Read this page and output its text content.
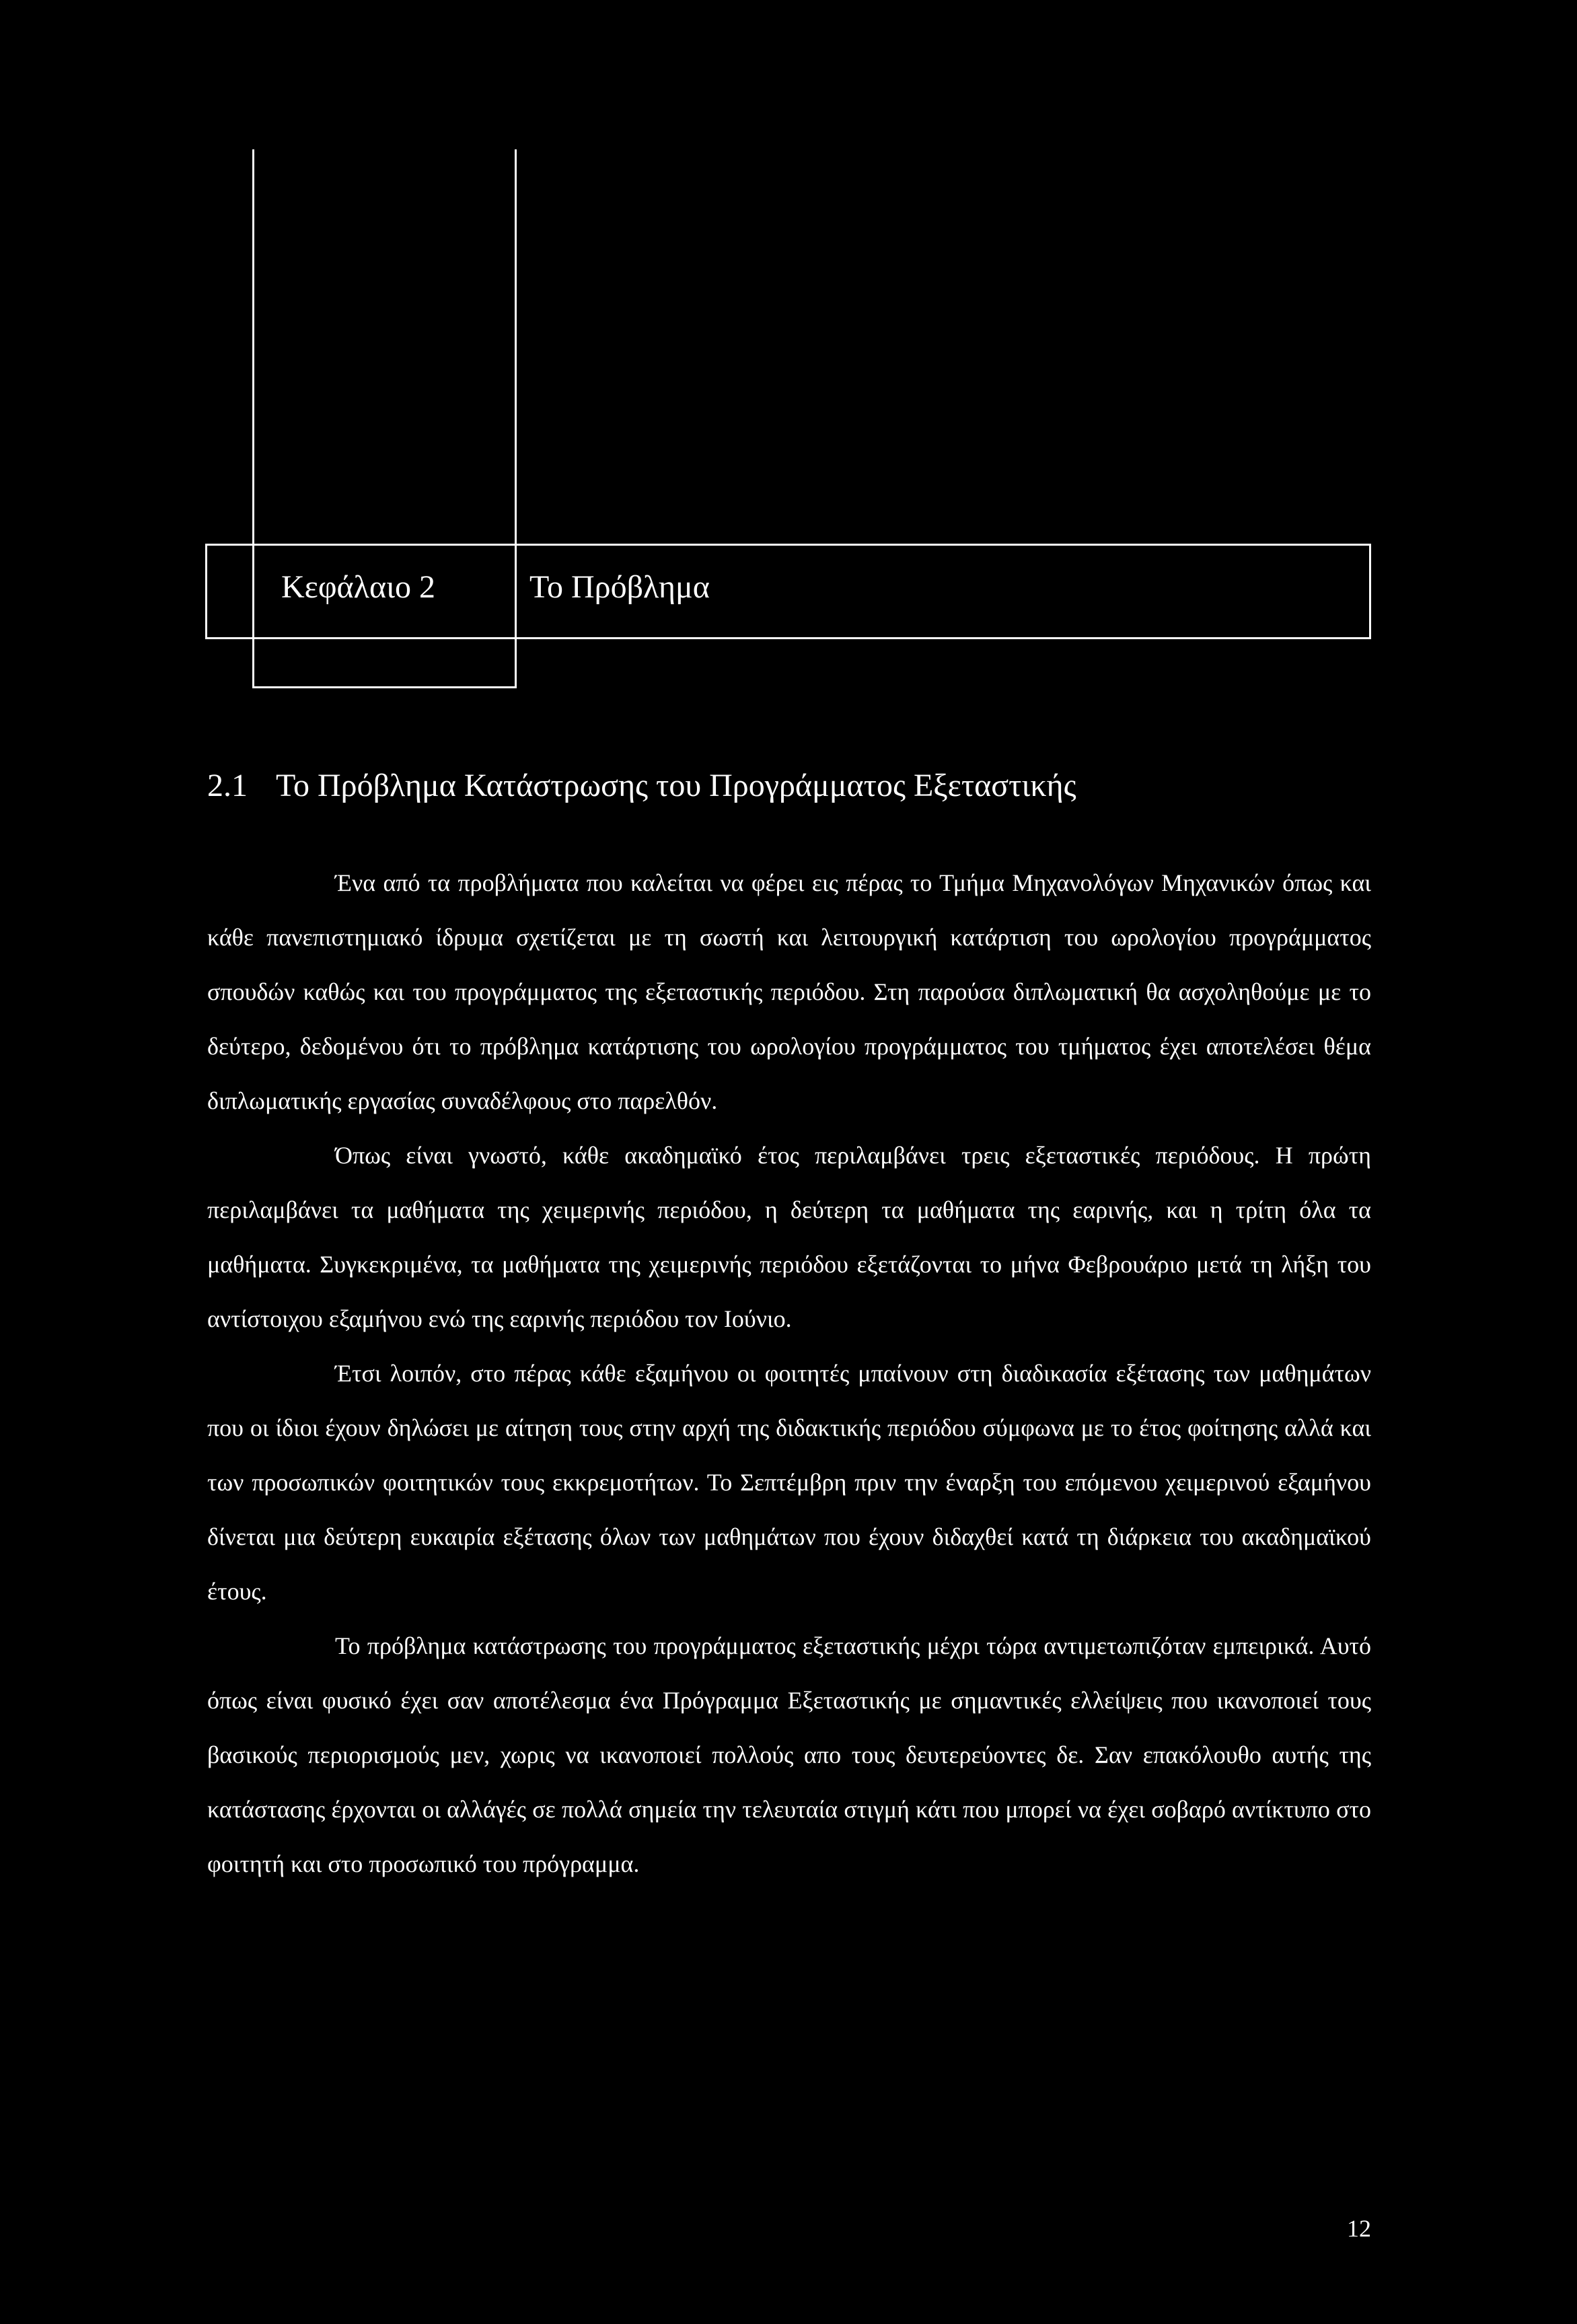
Κεφάλαιο 2	Το Πρόβλημα
2.1 Το Πρόβλημα Κατάστρωσης του Προγράμματος Εξεταστικής

Ένα από τα προβλήματα που καλείται να φέρει εις πέρας το Τμήμα Μηχανολόγων Μηχανικών όπως και κάθε πανεπιστημιακό ίδρυμα σχετίζεται με τη σωστή και λειτουργική κατάρτιση του ωρολογίου προγράμματος σπουδών καθώς και του προγράμματος της εξεταστικής περιόδου. Στη παρούσα διπλωματική θα ασχοληθούμε με το δεύτερο, δεδομένου ότι το πρόβλημα κατάρτισης του ωρολογίου προγράμματος του τμήματος έχει αποτελέσει θέμα διπλωματικής εργασίας συναδέλφους στο παρελθόν.

Όπως είναι γνωστό, κάθε ακαδημαϊκό έτος περιλαμβάνει τρεις εξεταστικές περιόδους. Η πρώτη περιλαμβάνει τα μαθήματα της χειμερινής περιόδου, η δεύτερη τα μαθήματα της εαρινής, και η τρίτη όλα τα μαθήματα. Συγκεκριμένα, τα μαθήματα της χειμερινής περιόδου εξετάζονται το μήνα Φεβρουάριο μετά τη λήξη του αντίστοιχου εξαμήνου ενώ της εαρινής περιόδου τον Ιούνιο.

Έτσι λοιπόν, στο πέρας κάθε εξαμήνου οι φοιτητές μπαίνουν στη διαδικασία εξέτασης των μαθημάτων που οι ίδιοι έχουν δηλώσει με αίτηση τους στην αρχή της διδακτικής περιόδου σύμφωνα με το έτος φοίτησης αλλά και των προσωπικών φοιτητικών τους εκκρεμοτήτων. Το Σεπτέμβρη πριν την έναρξη του επόμενου χειμερινού εξαμήνου δίνεται μια δεύτερη ευκαιρία εξέτασης όλων των μαθημάτων που έχουν διδαχθεί κατά τη διάρκεια του ακαδημαϊκού έτους.

Το πρόβλημα κατάστρωσης του προγράμματος εξεταστικής μέχρι τώρα αντιμετωπιζόταν εμπειρικά. Αυτό όπως είναι φυσικό έχει σαν αποτέλεσμα ένα Πρόγραμμα Εξεταστικής με σημαντικές ελλείψεις που ικανοποιεί τους βασικούς περιορισμούς μεν, χωρις να ικανοποιεί πολλούς απο τους δευτερεύοντες δε. Σαν επακόλουθο αυτής της κατάστασης έρχονται οι αλλάγές σε πολλά σημεία την τελευταία στιγμή κάτι που μπορεί να έχει σοβαρό αντίκτυπο στο φοιτητή και στο προσωπικό του πρόγραμμα.

12
